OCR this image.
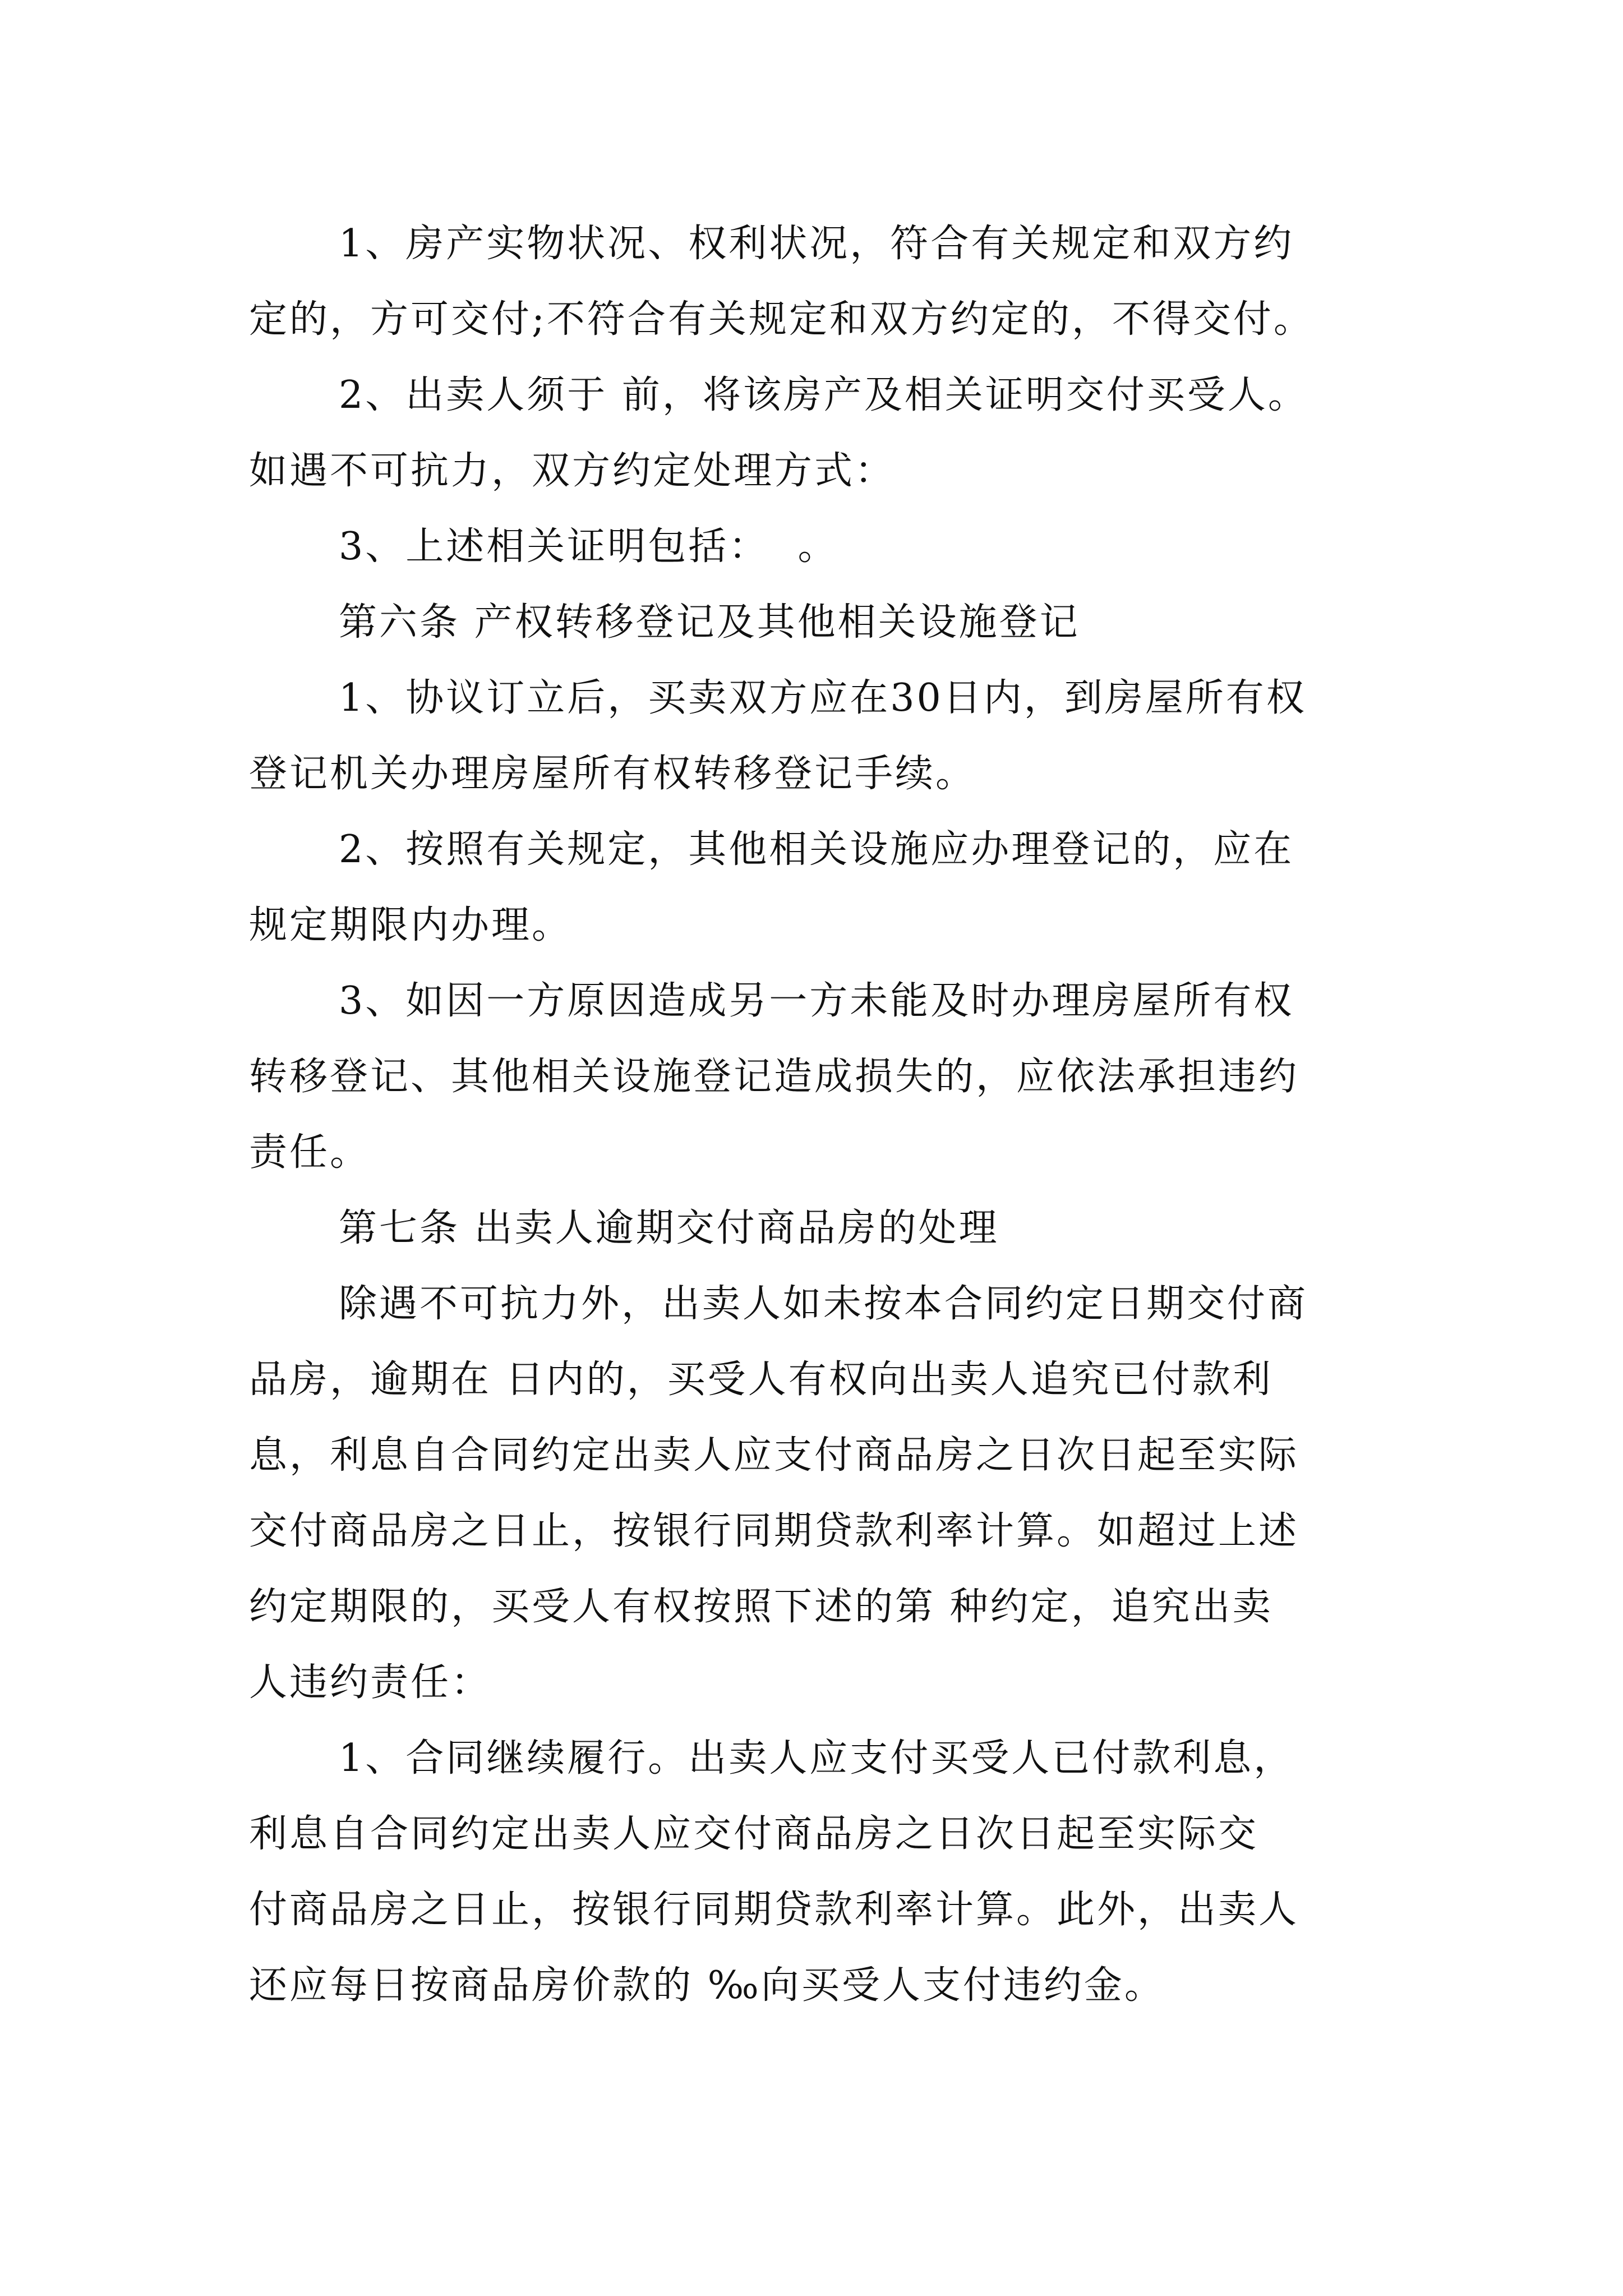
1、房产实物状况、权利状况，符合有关规定和双方约
定的，方可交付;不符合有关规定和双方约定的，不得交付。
2、出卖人须于 前，将该房产及相关证明交付买受人。
如遇不可抗力，双方约定处理方式：
3、上述相关证明包括：  。
第六条 产权转移登记及其他相关设施登记
1、协议订立后，买卖双方应在30日内，到房屋所有权
登记机关办理房屋所有权转移登记手续。
2、按照有关规定，其他相关设施应办理登记的，应在
规定期限内办理。
3、如因一方原因造成另一方未能及时办理房屋所有权
转移登记、其他相关设施登记造成损失的，应依法承担违约
责任。
第七条 出卖人逾期交付商品房的处理
除遇不可抗力外，出卖人如未按本合同约定日期交付商
品房，逾期在 日内的，买受人有权向出卖人追究已付款利
息，利息自合同约定出卖人应支付商品房之日次日起至实际
交付商品房之日止，按银行同期贷款利率计算。如超过上述
约定期限的，买受人有权按照下述的第 种约定，追究出卖
人违约责任：
1、合同继续履行。出卖人应支付买受人已付款利息，
利息自合同约定出卖人应交付商品房之日次日起至实际交
付商品房之日止，按银行同期贷款利率计算。此外，出卖人
还应每日按商品房价款的 ‰向买受人支付违约金。
